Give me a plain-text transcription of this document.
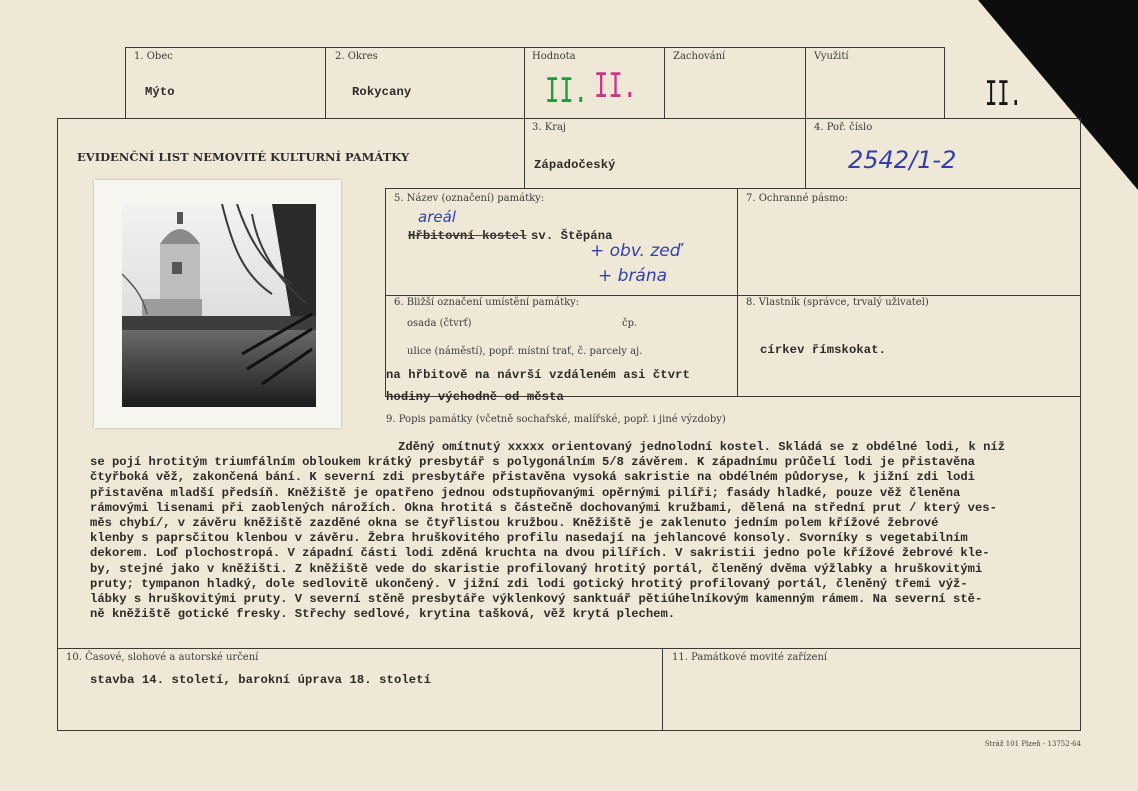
1. Obec
Mýto
2. Okres
Rokycany
Hodnota
II. II.
Zachování	Využití
II.
EVIDENČNÍ LIST NEMOVITÉ KULTURNÍ PAMÁTKY
3. Kraj
Západočeský
4. Poř. číslo
2542/1-2
5. Název (označení) památky:
areál
Hřbitovní kostel sv. Štěpána
+ obv. zeď
+ brána
7. Ochranné pásmo:
6. Bližší označení umístění památky:
osada (čtvrť)	čp.
ulice (náměstí), popř. místní trať, č. parcely aj.
na hřbitově na návrší vzdáleném asi čtvrt
hodiny východně od města
8. Vlastník (správce, trvalý uživatel)
církev římskokat.
9. Popis památky (včetně sochařské, malířské, popř. i jiné výzdoby)
Zděný omítnutý xxxxx orientovaný jednolodní kostel. Skládá se z obdélné lodi, k níž
se pojí hrotitým triumfálním obloukem krátký presbytář s polygonálním 5/8 závěrem. K západnímu průčelí lodi je přistavěna
čtyřboká věž, zakončená bání. K severní zdi presbytáře přistavěna vysoká sakristie na obdélném půdoryse, k jižní zdi lodi
přistavěna mladší předsíň. Kněžiště je opatřeno jednou odstupňovanými opěrnými pilíři; fasády hladké, pouze věž členěna
rámovými lisenami při zaoblených nárožích. Okna hrotitá s částečně dochovanými kružbami, dělená na střední prut / který ves-
měs chybí/, v závěru kněžiště zazděné okna se čtyřlistou kružbou. Kněžiště je zaklenuto jedním polem křížové žebrové
klenby s paprsčitou klenbou v závěru. Žebra hruškovitého profilu nasedají na jehlancové konsoly. Svorníky s vegetabilním
dekorem. Loď plochostropá. V západní části lodi zděná kruchta na dvou pilířích. V sakristii jedno pole křížové žebrové kle-
by, stejné jako v kněžišti. Z kněžiště vede do skaristie profilovaný hrotitý portál, členěný dvěma výžlabky a hruškovitými
pruty; tympanon hladký, dole sedlovitě ukončený. V jižní zdi lodi gotický hrotitý profilovaný portál, členěný třemi výž-
lábky s hruškovitými pruty. V severní stěně presbytáře výklenkový sanktuář pětiúhelníkovým kamenným rámem. Na severní stě-
ně kněžiště gotické fresky. Střechy sedlové, krytina tašková, věž krytá plechem.
10. Časové, slohové a autorské určení
stavba 14. století, barokní úprava 18. století
11. Památkové movité zařízení
Stráž 101 Plzeň - 13752-64
